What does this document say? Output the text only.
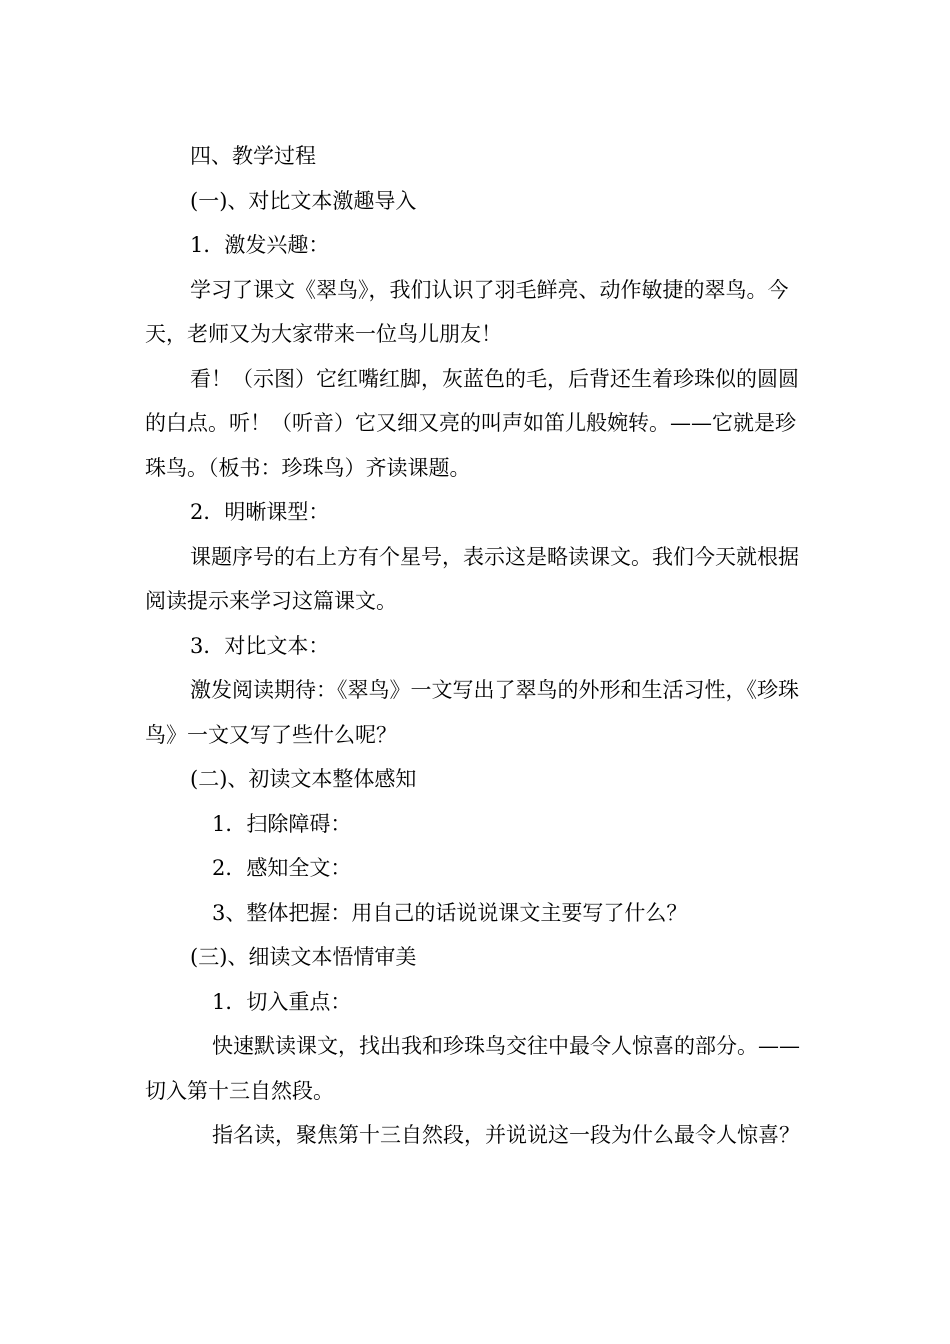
四、教学过程

(一)、对比文本激趣导入

1．激发兴趣：

学习了课文《翠鸟》，我们认识了羽毛鲜亮、动作敏捷的翠鸟。今天，老师又为大家带来一位鸟儿朋友！

看！（示图）它红嘴红脚，灰蓝色的毛，后背还生着珍珠似的圆圆的白点。听！（听音）它又细又亮的叫声如笛儿般婉转。——它就是珍珠鸟。（板书：珍珠鸟）齐读课题。

2．明晰课型：

课题序号的右上方有个星号，表示这是略读课文。我们今天就根据阅读提示来学习这篇课文。

3．对比文本：

激发阅读期待：《翠鸟》一文写出了翠鸟的外形和生活习性，《珍珠鸟》一文又写了些什么呢？

(二)、初读文本整体感知

1．扫除障碍：

2．感知全文：

3、整体把握：用自己的话说说课文主要写了什么？

(三)、细读文本悟情审美

1．切入重点：

快速默读课文，找出我和珍珠鸟交往中最令人惊喜的部分。——切入第十三自然段。

指名读，聚焦第十三自然段，并说说这一段为什么最令人惊喜？
